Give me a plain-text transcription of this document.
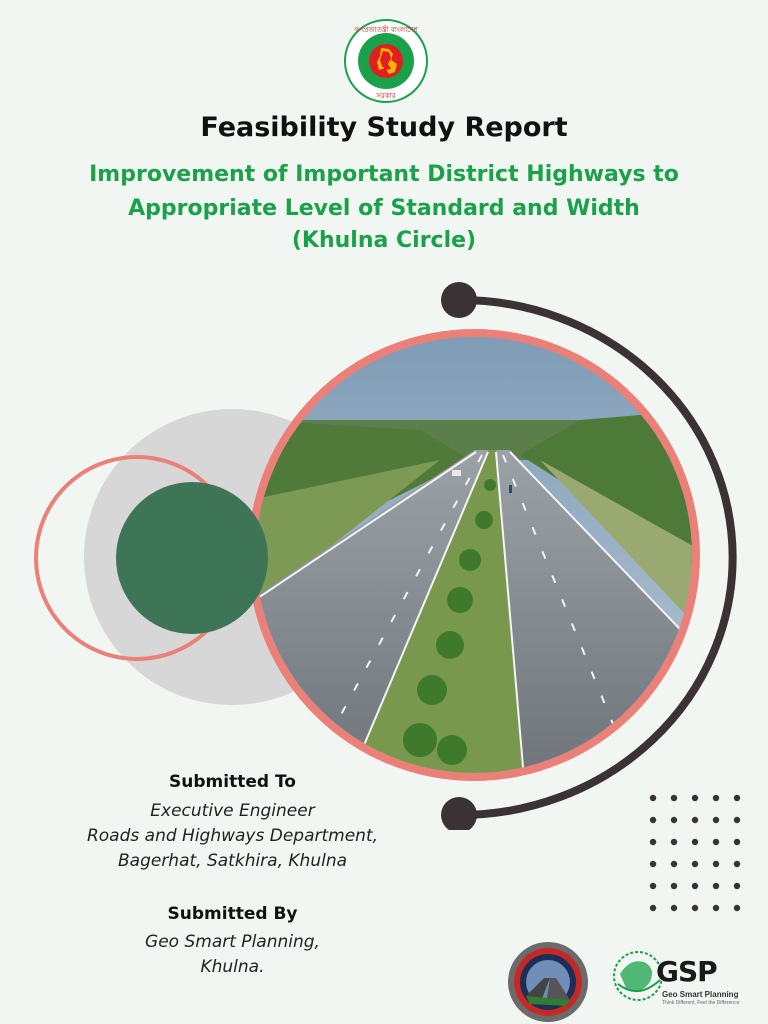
গণপ্রজাতন্ত্রী বাংলাদেশ
সরকার
Feasibility Study Report
Improvement of Important District Highways to
Appropriate Level of Standard and Width
(Khulna Circle)
Submitted To
Executive Engineer
Roads and Highways Department,
Bagerhat, Satkhira, Khulna
Submitted By
Geo Smart Planning,
Khulna.	GSP
Geo Smart Planning
Think Different, Feel the Difference
